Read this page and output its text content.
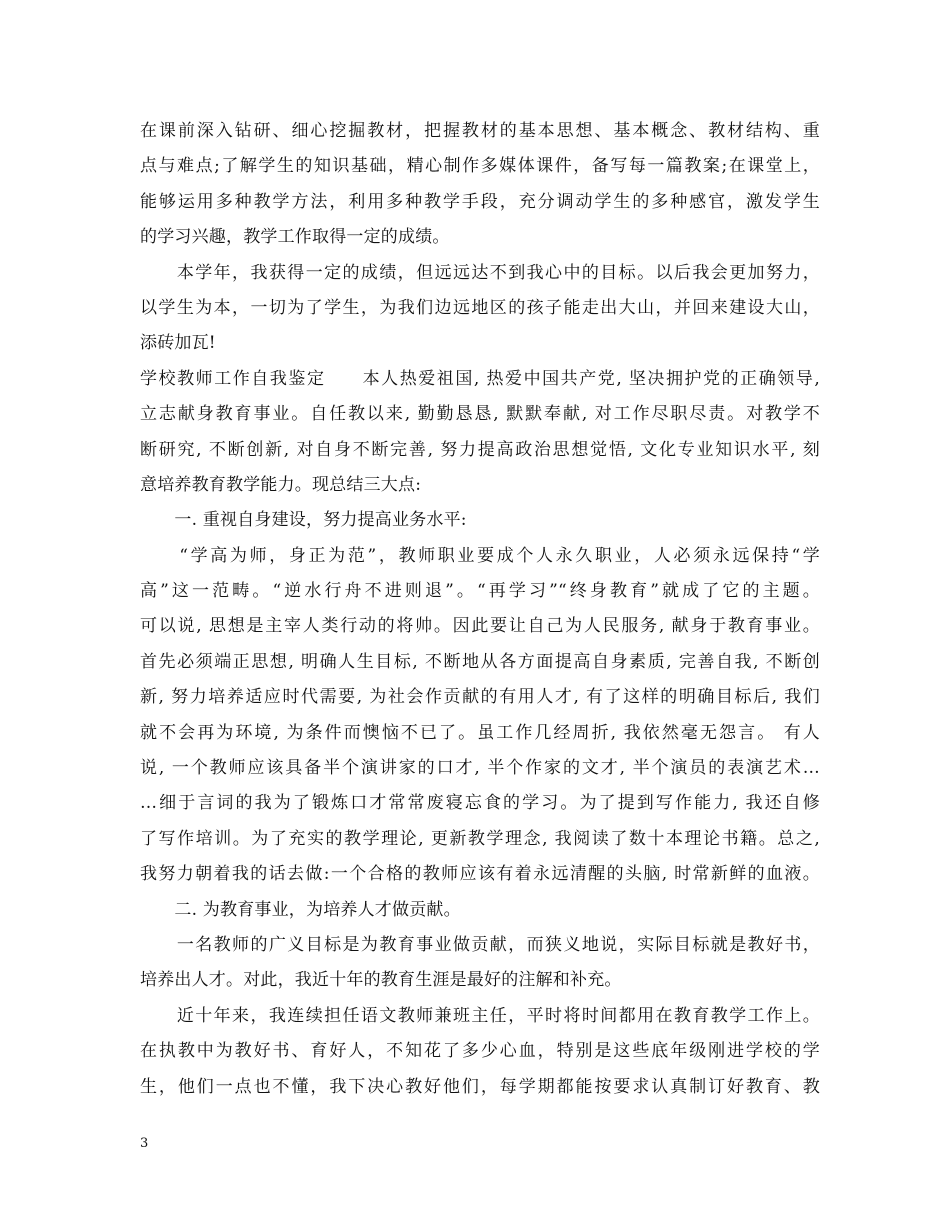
在课前深入钻研、细心挖掘教材，把握教材的基本思想、基本概念、教材结构、重
点与难点;了解学生的知识基础，精心制作多媒体课件，备写每一篇教案;在课堂上，
能够运用多种教学方法，利用多种教学手段，充分调动学生的多种感官，激发学生
的学习兴趣，教学工作取得一定的成绩。
　　本学年，我获得一定的成绩，但远远达不到我心中的目标。以后我会更加努力，
以学生为本，一切为了学生，为我们边远地区的孩子能走出大山，并回来建设大山，
添砖加瓦!
学校教师工作自我鉴定　　本人热爱祖国, 热爱中国共产党, 坚决拥护党的正确领导,
立志献身教育事业。自任教以来, 勤勤恳恳, 默默奉献, 对工作尽职尽责。对教学不
断研究, 不断创新, 对自身不断完善, 努力提高政治思想觉悟, 文化专业知识水平, 刻
意培养教育教学能力。现总结三大点:
　　一. 重视自身建设，努力提高业务水平:
　　“学高为师，身正为范”，教师职业要成个人永久职业，人必须永远保持“学
高”这一范畴。“逆水行舟不进则退”。“再学习”“终身教育”就成了它的主题。
可以说, 思想是主宰人类行动的将帅。因此要让自己为人民服务, 献身于教育事业。
首先必须端正思想, 明确人生目标, 不断地从各方面提高自身素质, 完善自我, 不断创
新, 努力培养适应时代需要, 为社会作贡献的有用人才, 有了这样的明确目标后, 我们
就不会再为环境, 为条件而懊恼不已了。虽工作几经周折, 我依然毫无怨言。 有人
说, 一个教师应该具备半个演讲家的口才, 半个作家的文才, 半个演员的表演艺术…
…细于言词的我为了锻炼口才常常废寝忘食的学习。为了提到写作能力, 我还自修
了写作培训。为了充实的教学理论, 更新教学理念, 我阅读了数十本理论书籍。总之,
我努力朝着我的话去做:一个合格的教师应该有着永远清醒的头脑, 时常新鲜的血液。
　　二. 为教育事业，为培养人才做贡献。
　　一名教师的广义目标是为教育事业做贡献，而狭义地说，实际目标就是教好书，
培养出人才。对此，我近十年的教育生涯是最好的注解和补充。
　　近十年来，我连续担任语文教师兼班主任，平时将时间都用在教育教学工作上。
在执教中为教好书、育好人，不知花了多少心血，特别是这些底年级刚进学校的学
生，他们一点也不懂，我下决心教好他们，每学期都能按要求认真制订好教育、教
3
